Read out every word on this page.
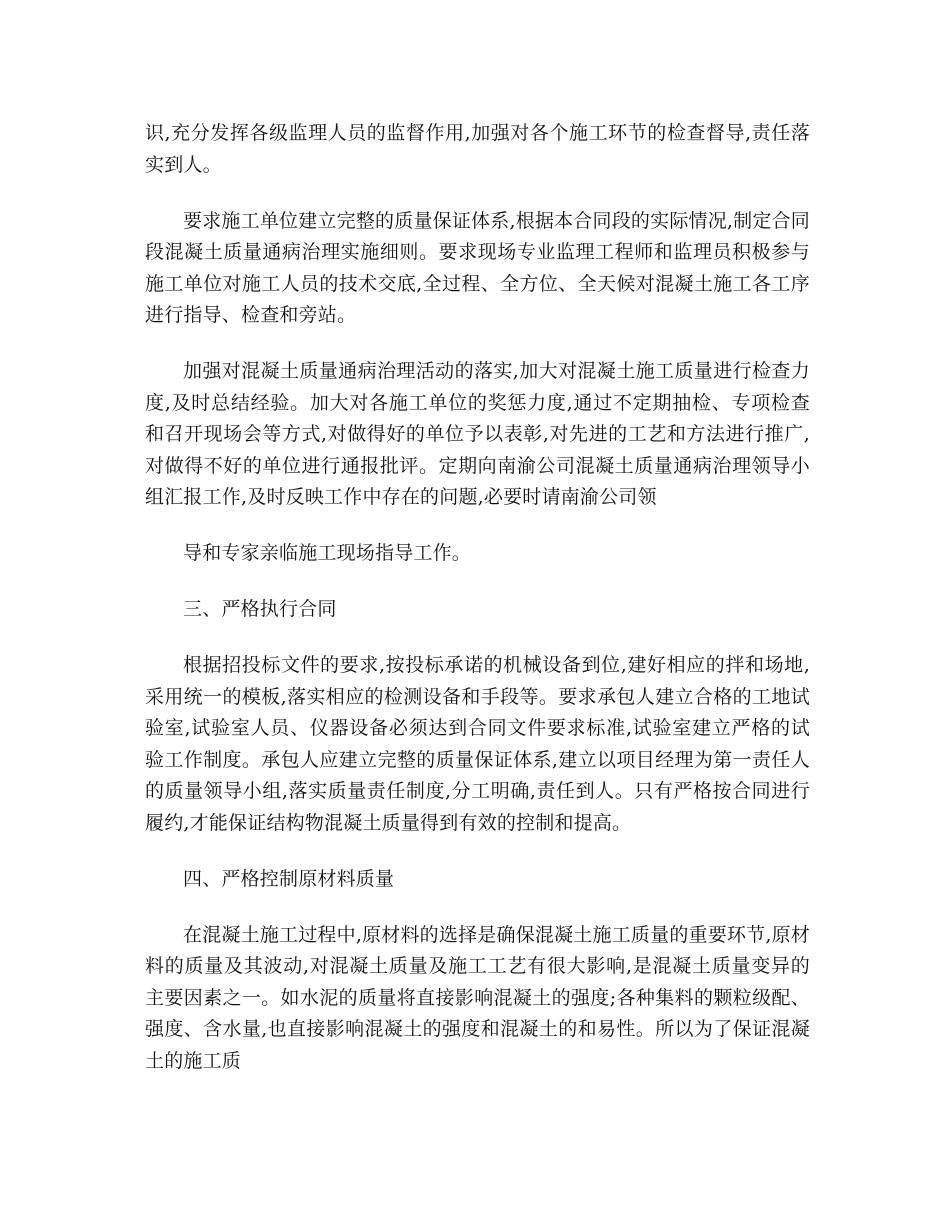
识,充分发挥各级监理人员的监督作用,加强对各个施工环节的检查督导,责任落实到人。

要求施工单位建立完整的质量保证体系,根据本合同段的实际情况,制定合同段混凝土质量通病治理实施细则。要求现场专业监理工程师和监理员积极参与施工单位对施工人员的技术交底,全过程、全方位、全天候对混凝土施工各工序进行指导、检查和旁站。

加强对混凝土质量通病治理活动的落实,加大对混凝土施工质量进行检查力度,及时总结经验。加大对各施工单位的奖惩力度,通过不定期抽检、专项检查和召开现场会等方式,对做得好的单位予以表彰,对先进的工艺和方法进行推广,对做得不好的单位进行通报批评。定期向南渝公司混凝土质量通病治理领导小组汇报工作,及时反映工作中存在的问题,必要时请南渝公司领

导和专家亲临施工现场指导工作。

三、严格执行合同

根据招投标文件的要求,按投标承诺的机械设备到位,建好相应的拌和场地,采用统一的模板,落实相应的检测设备和手段等。要求承包人建立合格的工地试验室,试验室人员、仪器设备必须达到合同文件要求标准,试验室建立严格的试验工作制度。承包人应建立完整的质量保证体系,建立以项目经理为第一责任人的质量领导小组,落实质量责任制度,分工明确,责任到人。只有严格按合同进行履约,才能保证结构物混凝土质量得到有效的控制和提高。

四、严格控制原材料质量

在混凝土施工过程中,原材料的选择是确保混凝土施工质量的重要环节,原材料的质量及其波动,对混凝土质量及施工工艺有很大影响,是混凝土质量变异的主要因素之一。如水泥的质量将直接影响混凝土的强度;各种集料的颗粒级配、强度、含水量,也直接影响混凝土的强度和混凝土的和易性。所以为了保证混凝土的施工质
